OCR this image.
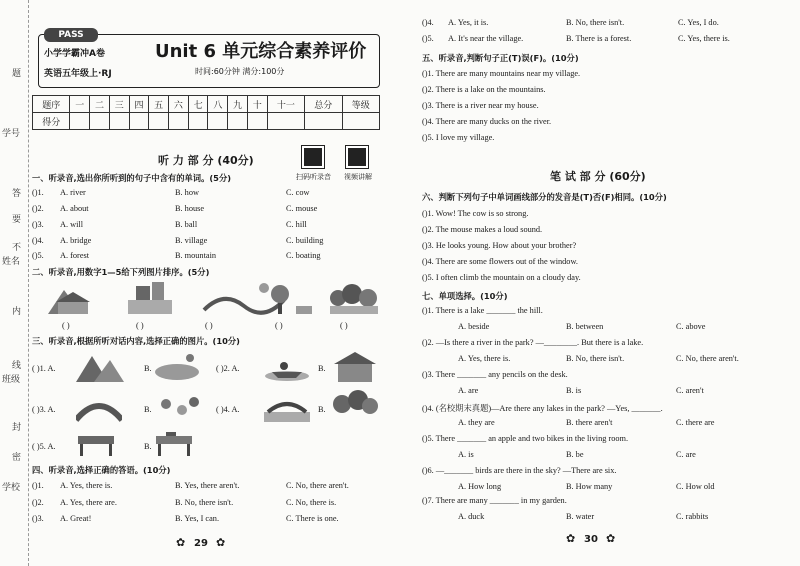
题
学号
答
要
不
姓名
内
线
班级
封
密
学校
PASS
小学学霸冲A卷
英语五年级上·RJ
Unit 6 单元综合素养评价
时间:60分钟 满分:100分
题序	一	二	三	四	五	六	七	八	九	十	十一	总分	等级
得分													
听 力 部 分 (40分)
扫码听录音 视频讲解
一、听录音,选出你所听到的句子中含有的单词。(5分)
()1. A. river	B. how	C. cow
()2. A. about	B. house	C. mouse
()3. A. will	B. ball	C. hill
()4. A. bridge	B. village	C. building
()5. A. forest	B. mountain	C. boating
二、听录音,用数字1—5给下列图片排序。(5分)
( )	( )	( )	( )	( )
三、听录音,根据所听对话内容,选择正确的图片。(10分)
( )1. A.	B.	( )2. A.	B.
( )3. A.	B.	( )4. A.	B.
( )5. A.	B.
四、听录音,选择正确的答语。(10分)
()1. A. Yes, there is.	B. Yes, there aren't.	C. No, there aren't.
()2. A. Yes, there are.	B. No, there isn't.	C. No, there is.
()3. A. Great!	B. Yes, I can.	C. There is one.
29
✿	✿
()4. A. Yes, it is.	B. No, there isn't.	C. Yes, I do.
()5. A. It's near the village.	B. There is a forest.	C. Yes, there is.
五、听录音,判断句子正(T)误(F)。(10分)
()1. There are many mountains near my village.
()2. There is a lake on the mountains.
()3. There is a river near my house.
()4. There are many ducks on the river.
()5. I love my village.
笔 试 部 分 (60分)
六、判断下列句子中单词画线部分的发音是(T)否(F)相同。(10分)
()1. Wow! The cow is so strong.
()2. The mouse makes a loud sound.
()3. He looks young. How about your brother?
()4. There are some flowers out of the window.
()5. I often climb the mountain on a cloudy day.
七、单项选择。(10分)
()1. There is a lake _______ the hill.
A. beside	B. between	C. above
()2. —Is there a river in the park? —________. But there is a lake.
A. Yes, there is.	B. No, there isn't.	C. No, there aren't.
()3. There _______ any pencils on the desk.
A. are	B. is	C. aren't
()4. (名校期末真题)—Are there any lakes in the park? —Yes, _______.
A. they are	B. there aren't	C. there are
()5. There _______ an apple and two bikes in the living room.
A. is	B. be	C. are
()6. —_______ birds are there in the sky? —There are six.
A. How long	B. How many	C. How old
()7. There are many _______ in my garden.
A. duck	B. water	C. rabbits
30
✿	✿
